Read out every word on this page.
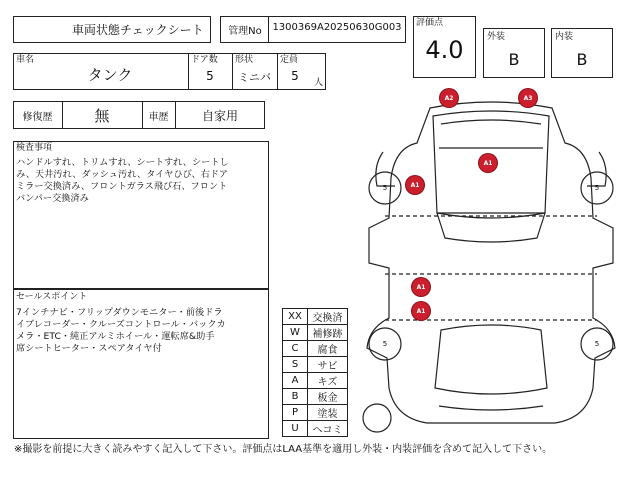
車両状態チェックシート	管理No	1300369A20250630G003 評価点
4.0	外装
B
内装
B
車名
タンク
ドア数
5
形状
ミニバ
定員
5	人
修復歴	無	車歴	自家用
検査事項
ハンドルすれ、トリムすれ、シートすれ、シートし
み、天井汚れ、ダッシュ汚れ、タイヤひび、右ドア
ミラー交換済み、フロントガラス飛び石、フロント
バンパー交換済み
セールスポイント
7インチナビ・フリップダウンモニター・前後ドラ
イブレコーダー・クルーズコントロール・バックカ
メラ・ETC・純正アルミホイール・運転席&助手
席シートヒーター・スペアタイヤ付
XX	交換済
W	補修跡
C	腐食
S	サビ
A	キズ
B	板金
P	塗装
U	ヘコミ
5	5
5	5
A2	A3
A1
A1
A1
A1
※撮影を前提に大きく読みやすく記入して下さい。評価点はLAA基準を適用し外装・内装評価を含めて記入して下さい。
